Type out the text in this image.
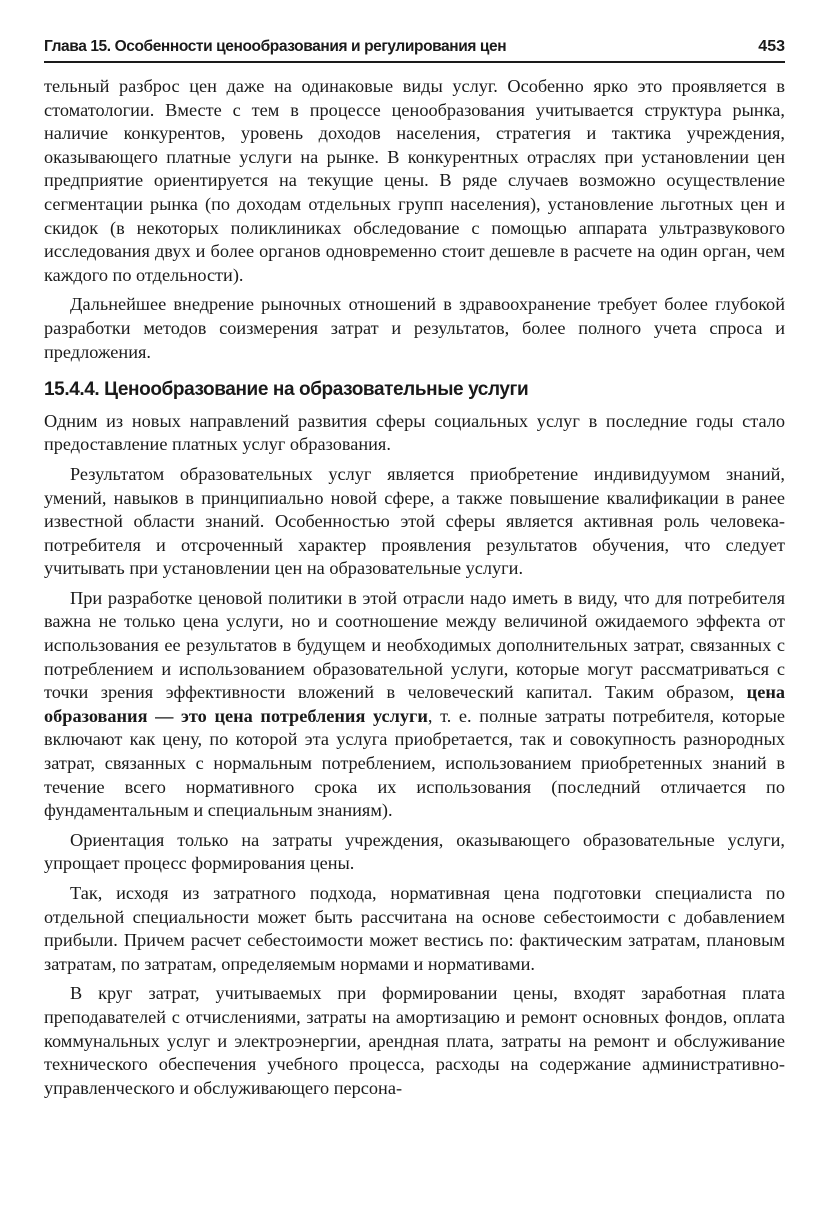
Глава 15. Особенности ценообразования и регулирования цен	453

тельный разброс цен даже на одинаковые виды услуг. Особенно ярко это проявляется в стоматологии. Вместе с тем в процессе ценообразования учитывается структура рынка, наличие конкурентов, уровень доходов населения, стратегия и тактика учреждения, оказывающего платные услуги на рынке. В конкурентных отраслях при установлении цен предприятие ориентируется на текущие цены. В ряде случаев возможно осуществление сегментации рынка (по доходам отдельных групп населения), установление льготных цен и скидок (в некоторых поликлиниках обследование с помощью аппарата ультразвукового исследования двух и более органов одновременно стоит дешевле в расчете на один орган, чем каждого по отдельности).

Дальнейшее внедрение рыночных отношений в здравоохранение требует более глубокой разработки методов соизмерения затрат и результатов, более полного учета спроса и предложения.

15.4.4. Ценообразование на образовательные услуги

Одним из новых направлений развития сферы социальных услуг в последние годы стало предоставление платных услуг образования.

Результатом образовательных услуг является приобретение индивидуумом знаний, умений, навыков в принципиально новой сфере, а также повышение квалификации в ранее известной области знаний. Особенностью этой сферы является активная роль человека-потребителя и отсроченный характер проявления результатов обучения, что следует учитывать при установлении цен на образовательные услуги.

При разработке ценовой политики в этой отрасли надо иметь в виду, что для потребителя важна не только цена услуги, но и соотношение между величиной ожидаемого эффекта от использования ее результатов в будущем и необходимых дополнительных затрат, связанных с потреблением и использованием образовательной услуги, которые могут рассматриваться с точки зрения эффективности вложений в человеческий капитал. Таким образом, цена образования — это цена потребления услуги, т. е. полные затраты потребителя, которые включают как цену, по которой эта услуга приобретается, так и совокупность разнородных затрат, связанных с нормальным потреблением, использованием приобретенных знаний в течение всего нормативного срока их использования (последний отличается по фундаментальным и специальным знаниям).

Ориентация только на затраты учреждения, оказывающего образовательные услуги, упрощает процесс формирования цены.

Так, исходя из затратного подхода, нормативная цена подготовки специалиста по отдельной специальности может быть рассчитана на основе себестоимости с добавлением прибыли. Причем расчет себестоимости может вестись по: фактическим затратам, плановым затратам, по затратам, определяемым нормами и нормативами.

В круг затрат, учитываемых при формировании цены, входят заработная плата преподавателей с отчислениями, затраты на амортизацию и ремонт основных фондов, оплата коммунальных услуг и электроэнергии, арендная плата, затраты на ремонт и обслуживание технического обеспечения учебного процесса, расходы на содержание административно-управленческого и обслуживающего персона-
